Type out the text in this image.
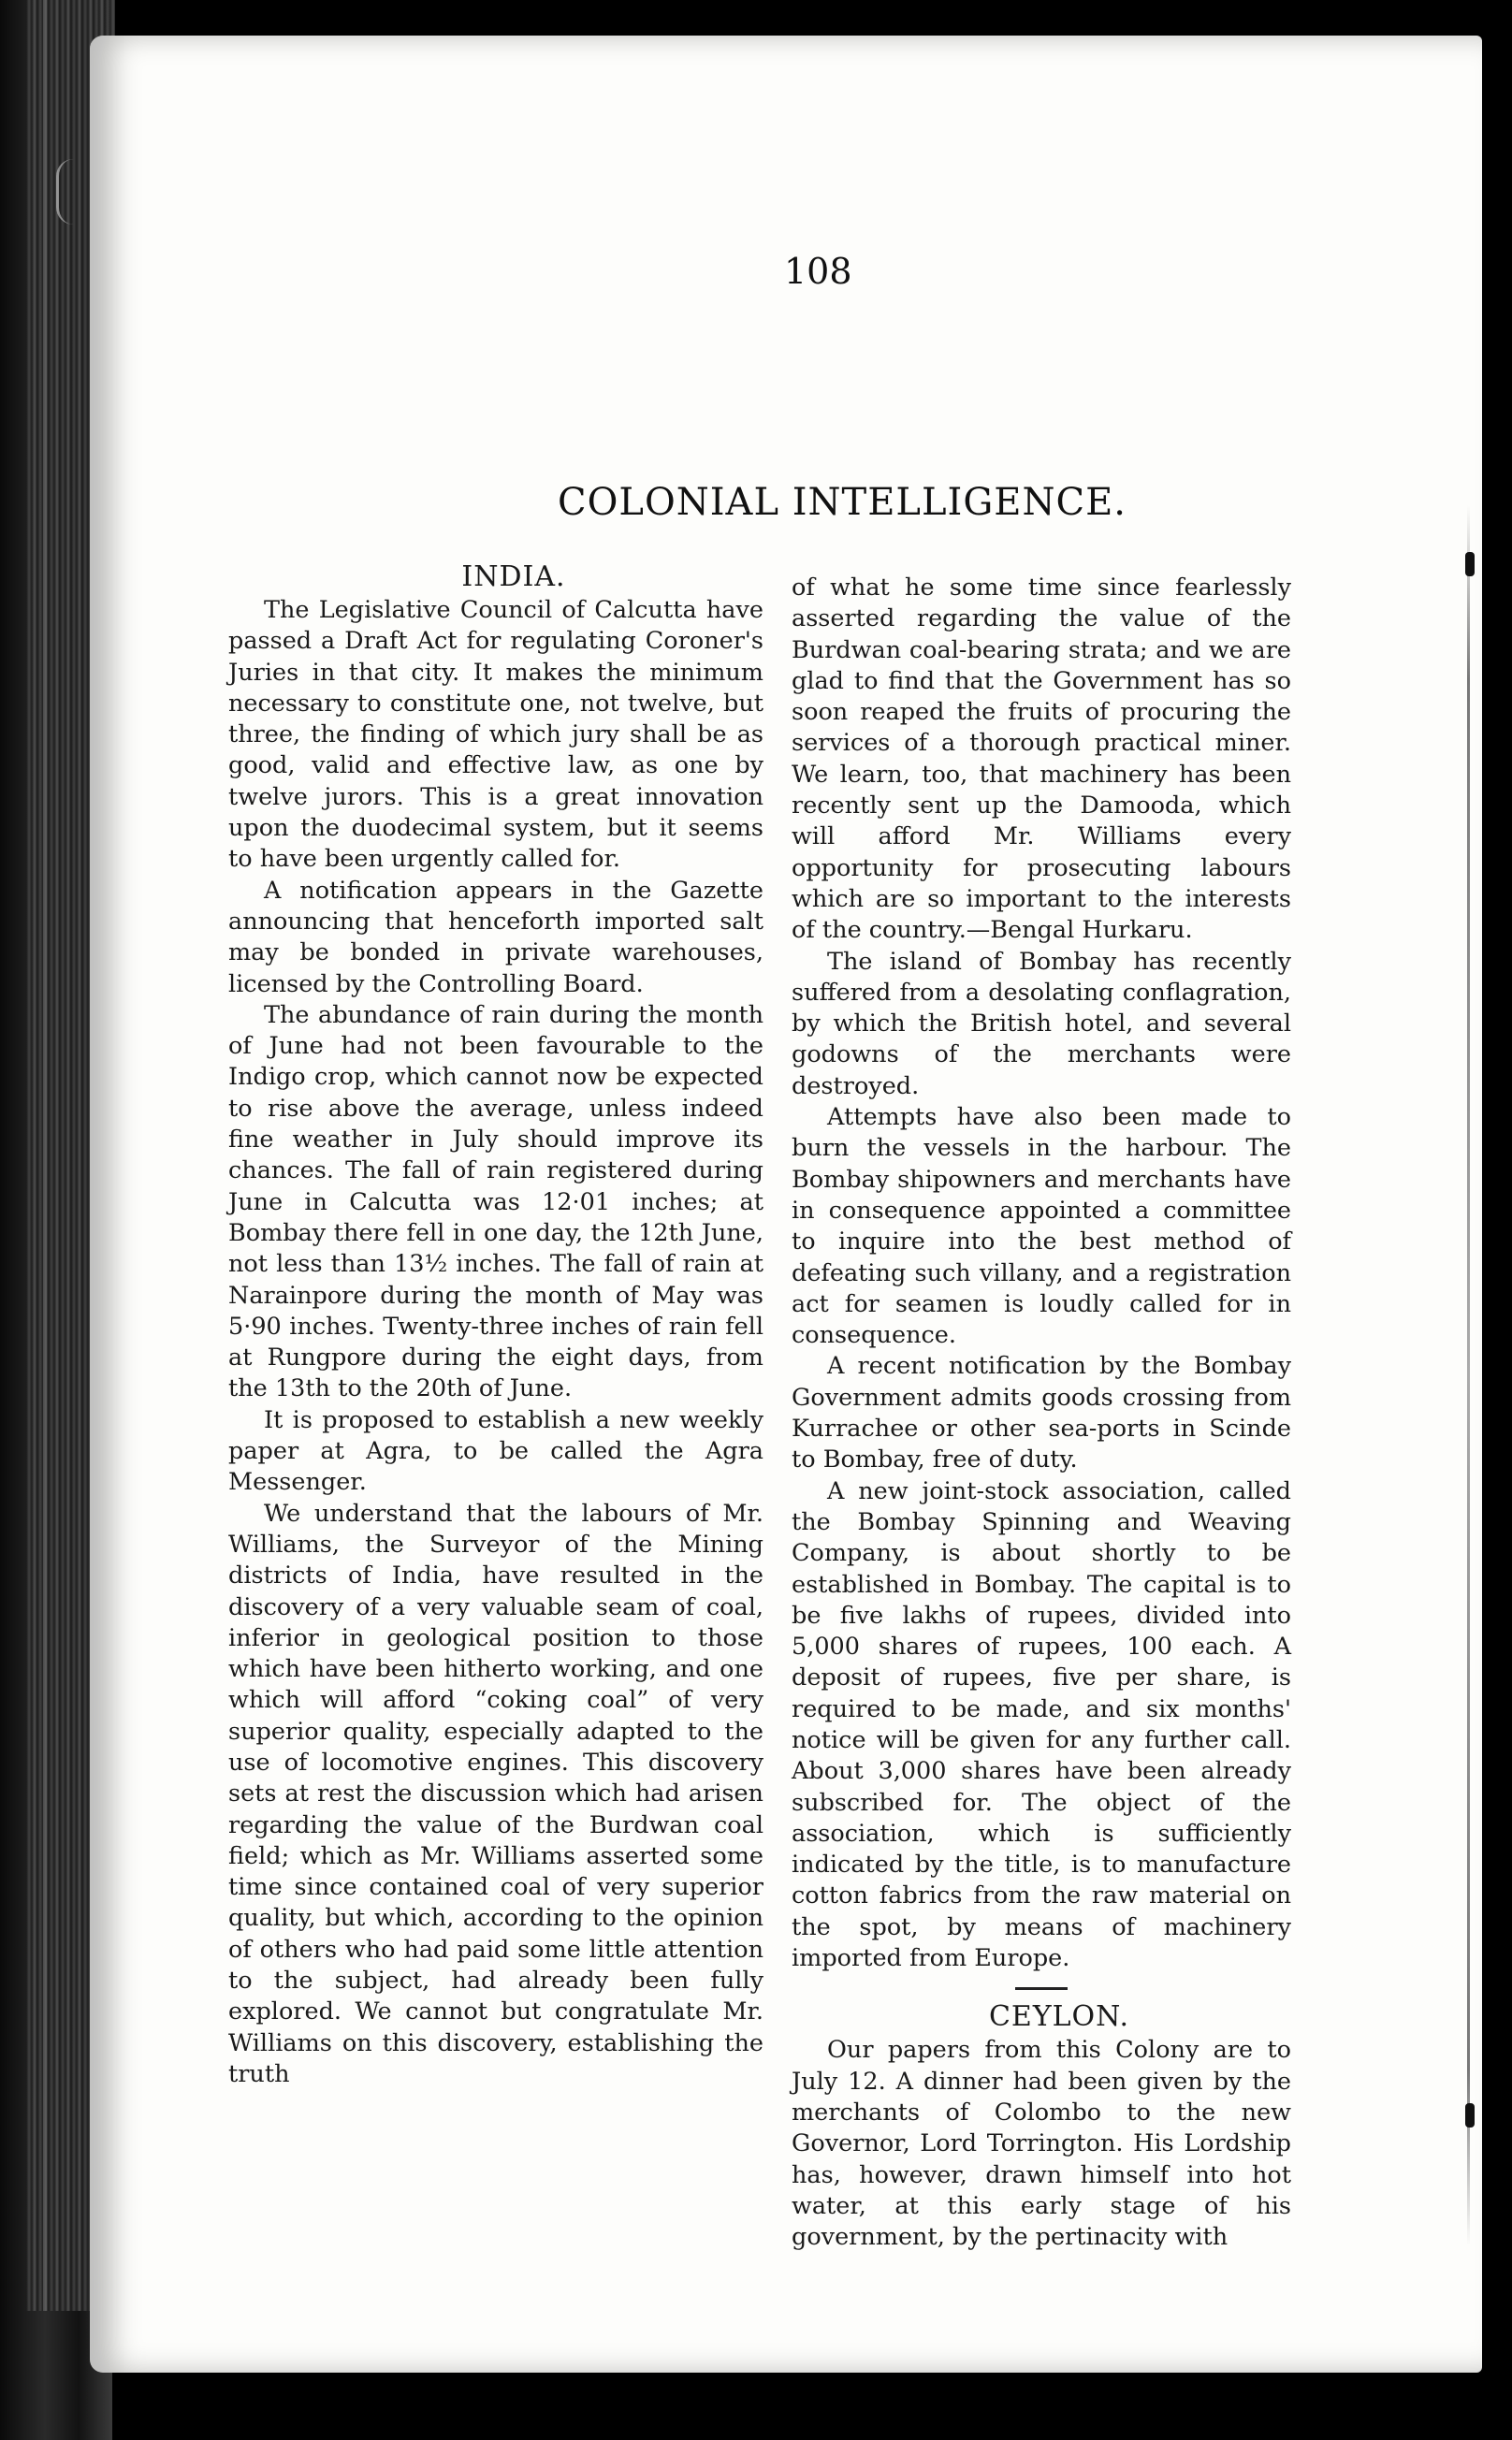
108
COLONIAL INTELLIGENCE.

INDIA.

The Legislative Council of Calcutta have passed a Draft Act for regulating Coroner's Juries in that city. It makes the minimum necessary to constitute one, not twelve, but three, the finding of which jury shall be as good, valid and effective law, as one by twelve jurors. This is a great innovation upon the duodecimal system, but it seems to have been urgently called for.

A notification appears in the Gazette announcing that henceforth imported salt may be bonded in private warehouses, licensed by the Controlling Board.

The abundance of rain during the month of June had not been favourable to the Indigo crop, which cannot now be expected to rise above the average, unless indeed fine weather in July should improve its chances. The fall of rain registered during June in Calcutta was 12·01 inches; at Bombay there fell in one day, the 12th June, not less than 13½ inches. The fall of rain at Narainpore during the month of May was 5·90 inches. Twenty-three inches of rain fell at Rungpore during the eight days, from the 13th to the 20th of June.

It is proposed to establish a new weekly paper at Agra, to be called the Agra Messenger.

We understand that the labours of Mr. Williams, the Surveyor of the Mining districts of India, have resulted in the discovery of a very valuable seam of coal, inferior in geological position to those which have been hitherto working, and one which will afford “coking coal” of very superior quality, especially adapted to the use of locomotive engines. This discovery sets at rest the discussion which had arisen regarding the value of the Burdwan coal field; which as Mr. Williams asserted some time since contained coal of very superior quality, but which, according to the opinion of others who had paid some little attention to the subject, had already been fully explored. We cannot but congratulate Mr. Williams on this discovery, establishing the truth

of what he some time since fearlessly asserted regarding the value of the Burdwan coal-bearing strata; and we are glad to find that the Government has so soon reaped the fruits of procuring the services of a thorough practical miner. We learn, too, that machinery has been recently sent up the Damooda, which will afford Mr. Williams every opportunity for prosecuting labours which are so important to the interests of the country.—Bengal Hurkaru.

The island of Bombay has recently suffered from a desolating conflagration, by which the British hotel, and several godowns of the merchants were destroyed.

Attempts have also been made to burn the vessels in the harbour. The Bombay shipowners and merchants have in consequence appointed a committee to inquire into the best method of defeating such villany, and a registration act for seamen is loudly called for in consequence.

A recent notification by the Bombay Government admits goods crossing from Kurrachee or other sea-ports in Scinde to Bombay, free of duty.

A new joint-stock association, called the Bombay Spinning and Weaving Company, is about shortly to be established in Bombay. The capital is to be five lakhs of rupees, divided into 5,000 shares of rupees, 100 each. A deposit of rupees, five per share, is required to be made, and six months' notice will be given for any further call. About 3,000 shares have been already subscribed for. The object of the association, which is sufficiently indicated by the title, is to manufacture cotton fabrics from the raw material on the spot, by means of machinery imported from Europe.

CEYLON.

Our papers from this Colony are to July 12. A dinner had been given by the merchants of Colombo to the new Governor, Lord Torrington. His Lordship has, however, drawn himself into hot water, at this early stage of his government, by the pertinacity with
